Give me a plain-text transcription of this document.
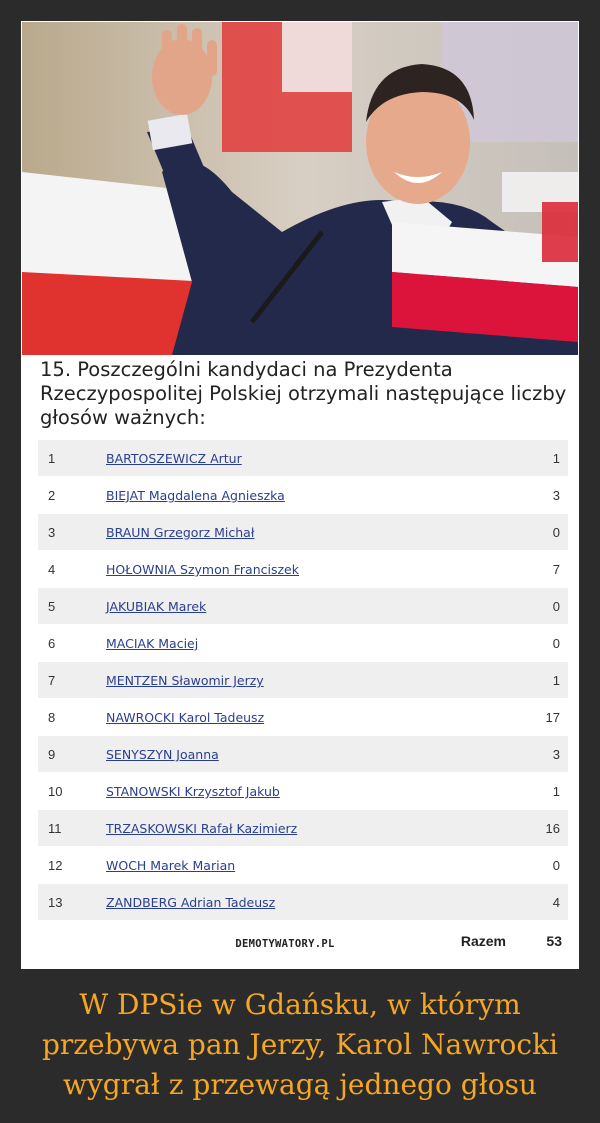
15. Poszczególni kandydaci na Prezydenta Rzeczypospolitej Polskiej otrzymali następujące liczby głosów ważnych:

1	BARTOSZEWICZ Artur	1
2	BIEJAT Magdalena Agnieszka	3
3	BRAUN Grzegorz Michał	0
4	HOŁOWNIA Szymon Franciszek	7
5	JAKUBIAK Marek	0
6	MACIAK Maciej	0
7	MENTZEN Sławomir Jerzy	1
8	NAWROCKI Karol Tadeusz	17
9	SENYSZYN Joanna	3
10	STANOWSKI Krzysztof Jakub	1
11	TRZASKOWSKI Rafał Kazimierz	16
12	WOCH Marek Marian	0
13	ZANDBERG Adrian Tadeusz	4
Razem	53
DEMOTYWATORY.PL

W DPSie w Gdańsku, w którym przebywa pan Jerzy, Karol Nawrocki wygrał z przewagą jednego głosu
